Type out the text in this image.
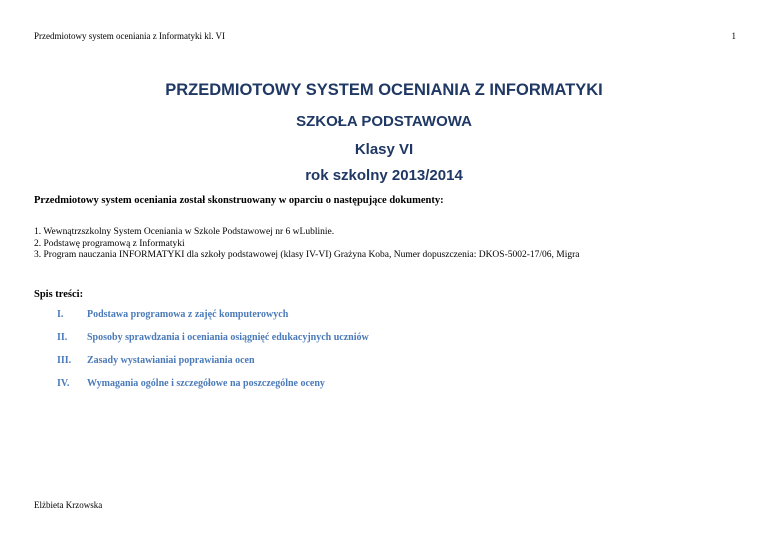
Przedmiotowy system oceniania z Informatyki kl. VI	1
PRZEDMIOTOWY SYSTEM OCENIANIA Z INFORMATYKI
SZKOŁA PODSTAWOWA
Klasy VI
rok szkolny 2013/2014
Przedmiotowy system oceniania został skonstruowany w oparciu o następujące dokumenty:
1. Wewnątrzszkolny System Oceniania w Szkole Podstawowej nr 6 wLublinie.
2. Podstawę programową z Informatyki
3. Program nauczania INFORMATYKI dla szkoły podstawowej (klasy IV-VI) Grażyna Koba, Numer dopuszczenia: DKOS-5002-17/06, Migra
Spis treści:
I.	Podstawa programowa z zajęć komputerowych
II.	Sposoby sprawdzania i oceniania osiągnięć edukacyjnych uczniów
III.	Zasady wystawianiai poprawiania ocen
IV.	Wymagania ogólne i szczegółowe na poszczególne oceny
Elżbieta Krzowska
